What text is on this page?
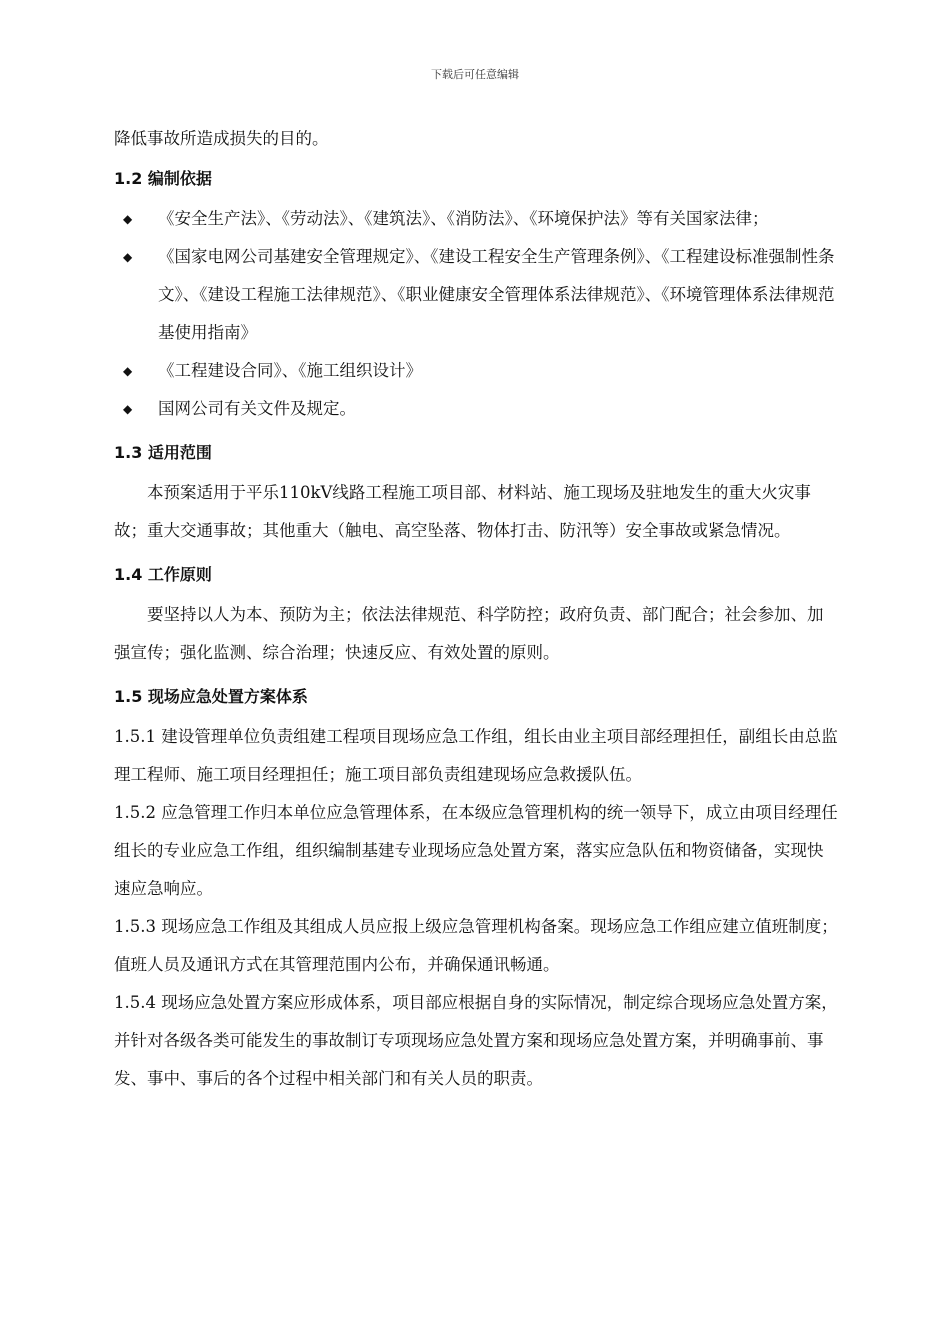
下载后可任意编辑

降低事故所造成损失的目的。

1.2 编制依据

◆ 《安全生产法》、《劳动法》、《建筑法》、《消防法》、《环境保护法》等有关国家法律；

◆ 《国家电网公司基建安全管理规定》、《建设工程安全生产管理条例》、《工程建设标准强制性条文》、《建设工程施工法律规范》、《职业健康安全管理体系法律规范》、《环境管理体系法律规范基使用指南》

◆ 《工程建设合同》、《施工组织设计》

◆ 国网公司有关文件及规定。

1.3 适用范围

本预案适用于平乐110kV线路工程施工项目部、材料站、施工现场及驻地发生的重大火灾事故；重大交通事故；其他重大（触电、高空坠落、物体打击、防汛等）安全事故或紧急情况。

1.4 工作原则

要坚持以人为本、预防为主；依法法律规范、科学防控；政府负责、部门配合；社会参加、加强宣传；强化监测、综合治理；快速反应、有效处置的原则。

1.5 现场应急处置方案体系

1.5.1 建设管理单位负责组建工程项目现场应急工作组，组长由业主项目部经理担任，副组长由总监理工程师、施工项目经理担任；施工项目部负责组建现场应急救援队伍。

1.5.2 应急管理工作归本单位应急管理体系，在本级应急管理机构的统一领导下，成立由项目经理任组长的专业应急工作组，组织编制基建专业现场应急处置方案，落实应急队伍和物资储备，实现快速应急响应。

1.5.3 现场应急工作组及其组成人员应报上级应急管理机构备案。现场应急工作组应建立值班制度；值班人员及通讯方式在其管理范围内公布，并确保通讯畅通。

1.5.4 现场应急处置方案应形成体系，项目部应根据自身的实际情况，制定综合现场应急处置方案，并针对各级各类可能发生的事故制订专项现场应急处置方案和现场应急处置方案，并明确事前、事发、事中、事后的各个过程中相关部门和有关人员的职责。
